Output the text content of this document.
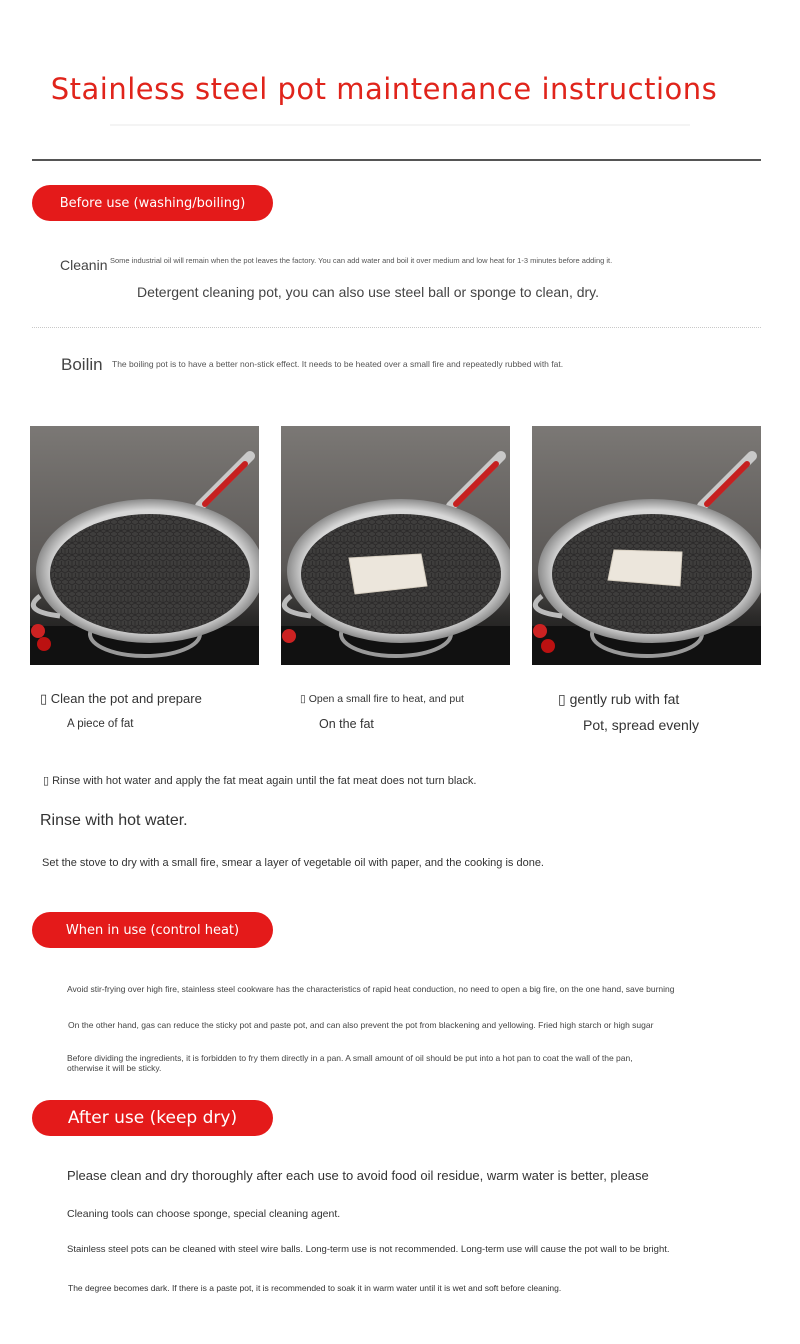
Stainless steel pot maintenance instructions
Before use (washing/boiling)
Cleanin Some industrial oil will remain when the pot leaves the factory. You can add water and boil it over medium and low heat for 1-3 minutes before adding it.
Detergent cleaning pot, you can also use steel ball or sponge to clean, dry.
Boilin The boiling pot is to have a better non-stick effect. It needs to be heated over a small fire and repeatedly rubbed with fat.
▯ Clean the pot and prepare
A piece of fat
▯ Open a small fire to heat, and put
On the fat
▯ gently rub with fat
Pot, spread evenly
▯ Rinse with hot water and apply the fat meat again until the fat meat does not turn black.
Rinse with hot water.
Set the stove to dry with a small fire, smear a layer of vegetable oil with paper, and the cooking is done.
When in use (control heat)
Avoid stir-frying over high fire, stainless steel cookware has the characteristics of rapid heat conduction, no need to open a big fire, on the one hand, save burning
On the other hand, gas can reduce the sticky pot and paste pot, and can also prevent the pot from blackening and yellowing. Fried high starch or high sugar
Before dividing the ingredients, it is forbidden to fry them directly in a pan. A small amount of oil should be put into a hot pan to coat the wall of the pan,
otherwise it will be sticky.
After use (keep dry)
Please clean and dry thoroughly after each use to avoid food oil residue, warm water is better, please
Cleaning tools can choose sponge, special cleaning agent.
Stainless steel pots can be cleaned with steel wire balls. Long-term use is not recommended. Long-term use will cause the pot wall to be bright.
The degree becomes dark. If there is a paste pot, it is recommended to soak it in warm water until it is wet and soft before cleaning.
